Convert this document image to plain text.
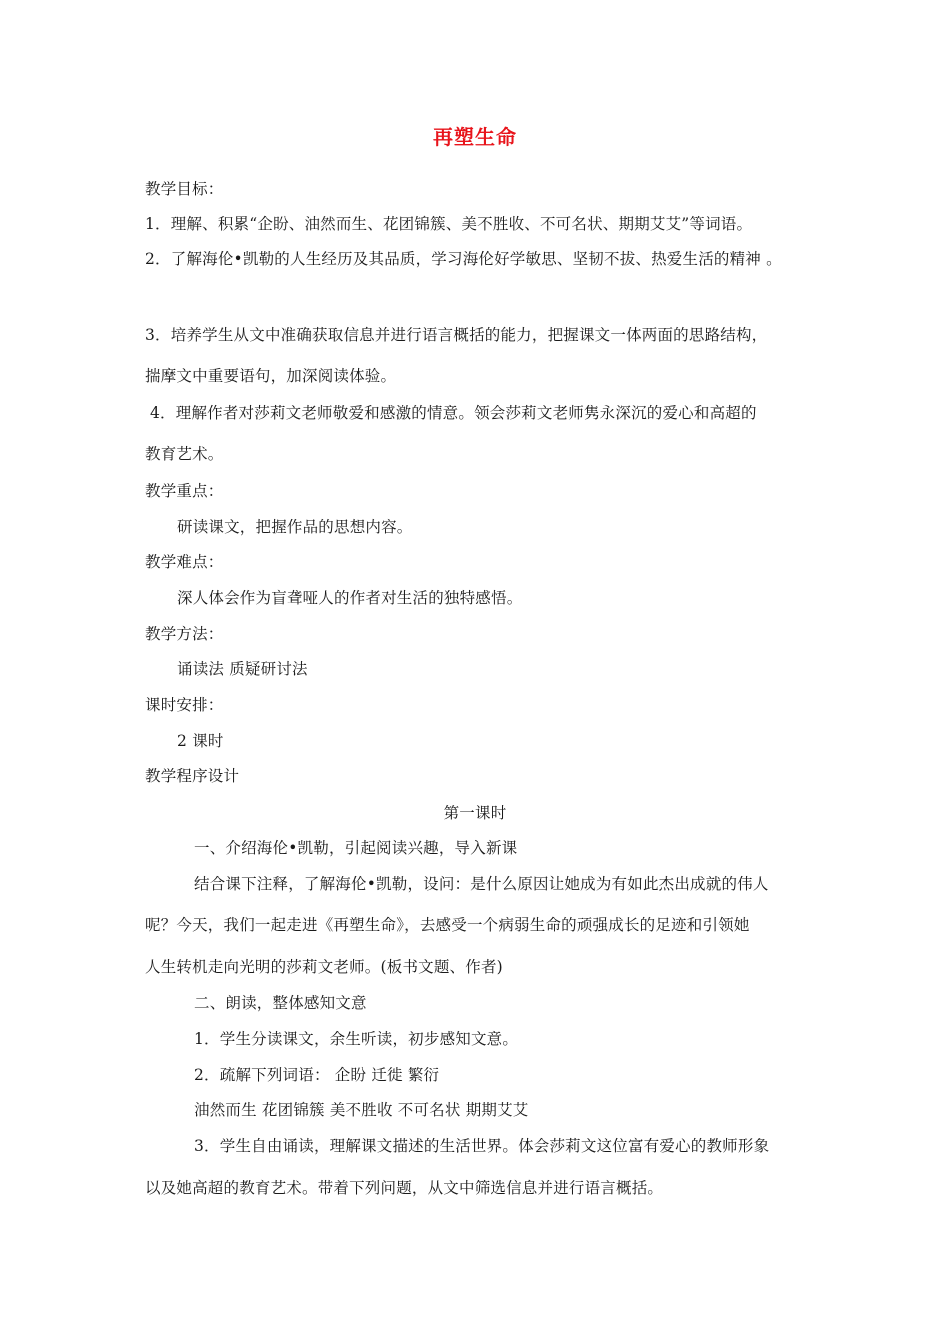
再塑生命
教学目标：
1．理解、积累“企盼、油然而生、花团锦簇、美不胜收、不可名状、期期艾艾”等词语。
2．了解海伦•凯勒的人生经历及其品质，学习海伦好学敏思、坚韧不拔、热爱生活的精神 。
3．培养学生从文中准确获取信息并进行语言概括的能力，把握课文一体两面的思路结构，
揣摩文中重要语句，加深阅读体验。
4．理解作者对莎莉文老师敬爱和感激的情意。领会莎莉文老师隽永深沉的爱心和高超的
教育艺术。
教学重点：
研读课文，把握作品的思想内容。
教学难点：
深人体会作为盲聋哑人的作者对生活的独特感悟。
教学方法：
诵读法 质疑研讨法
课时安排：
2 课时
教学程序设计
第一课时
一、介绍海伦•凯勒，引起阅读兴趣，导入新课
结合课下注释，了解海伦•凯勒，设问：是什么原因让她成为有如此杰出成就的伟人
呢？今天，我们一起走进《再塑生命》，去感受一个病弱生命的顽强成长的足迹和引领她
人生转机走向光明的莎莉文老师。(板书文题、作者)
二、朗读，整体感知文意
1．学生分读课文，余生听读，初步感知文意。
2．疏解下列词语： 企盼 迁徙 繁衍
油然而生 花团锦簇 美不胜收 不可名状 期期艾艾
3．学生自由诵读，理解课文描述的生活世界。体会莎莉文这位富有爱心的教师形象
以及她高超的教育艺术。带着下列问题，从文中筛选信息并进行语言概括。
